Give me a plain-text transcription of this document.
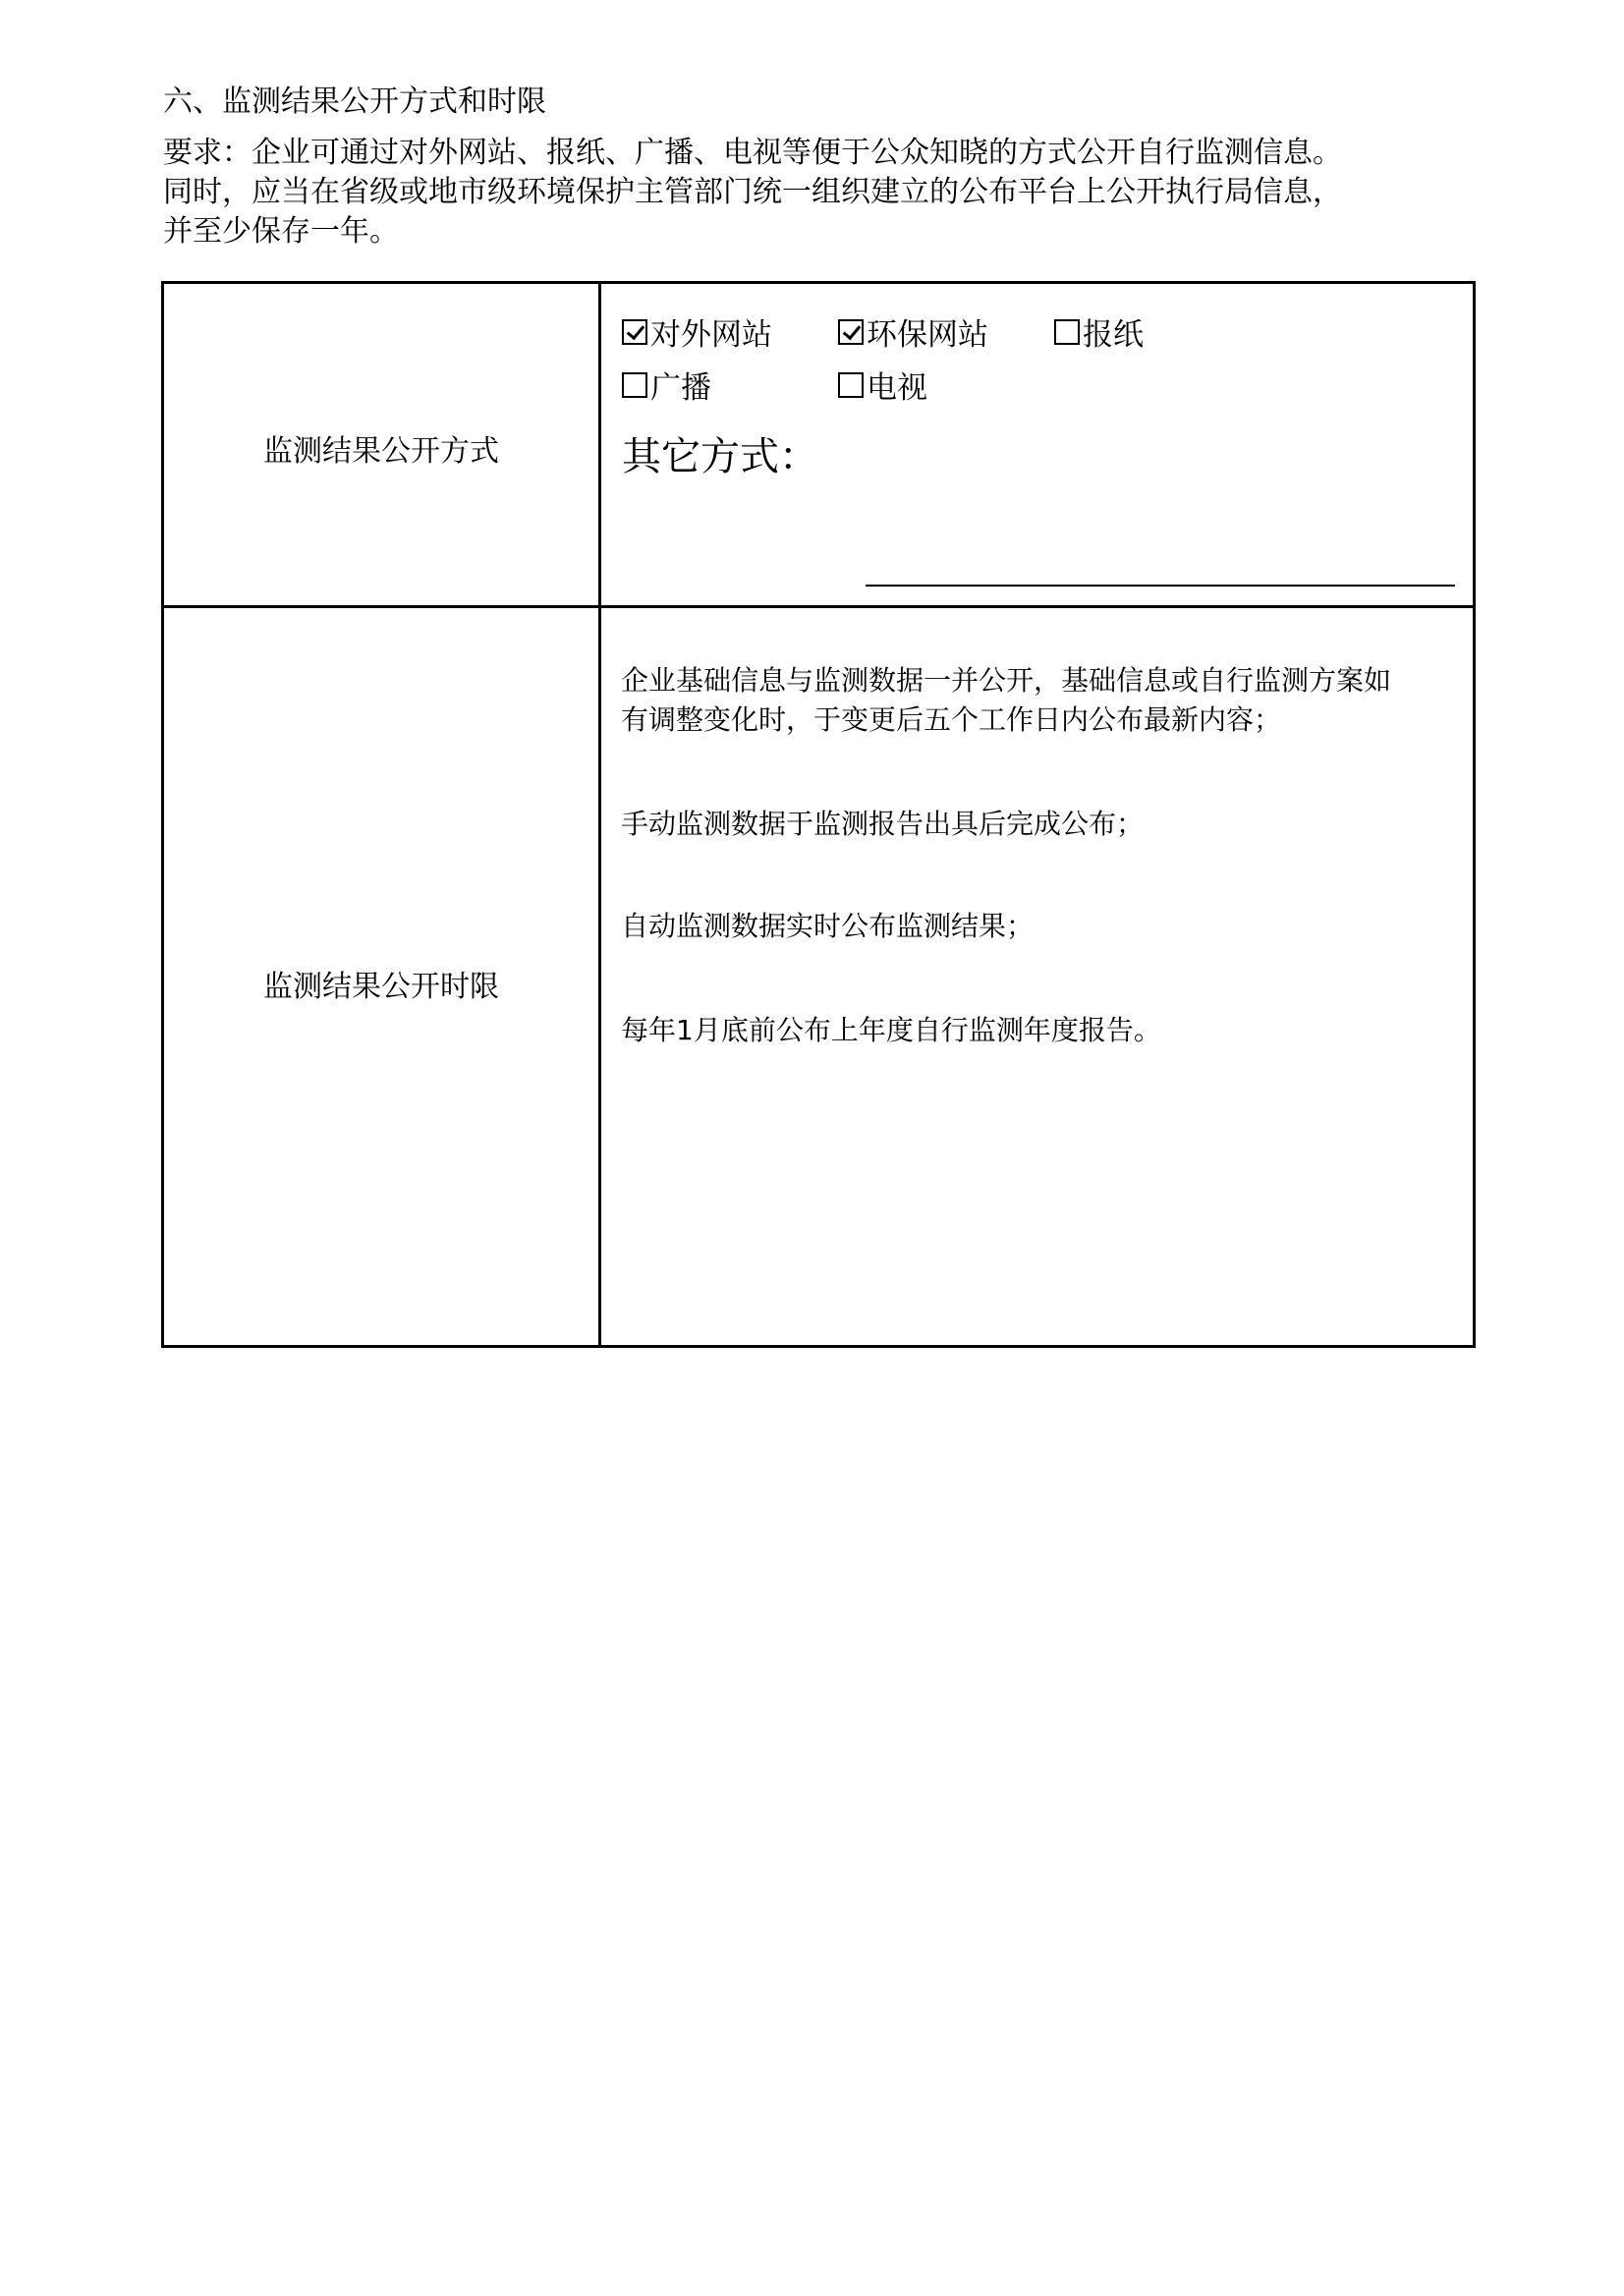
六、监测结果公开方式和时限
要求：企业可通过对外网站、报纸、广播、电视等便于公众知晓的方式公开自行监测信息。
同时，应当在省级或地市级环境保护主管部门统一组织建立的公布平台上公开执行局信息，
并至少保存一年。
监测结果公开方式
对外网站	环保网站	报纸
广播	电视
其它方式：
监测结果公开时限
企业基础信息与监测数据一并公开，基础信息或自行监测方案如
有调整变化时，于变更后五个工作日内公布最新内容；
手动监测数据于监测报告出具后完成公布；
自动监测数据实时公布监测结果；
每年1月底前公布上年度自行监测年度报告。
